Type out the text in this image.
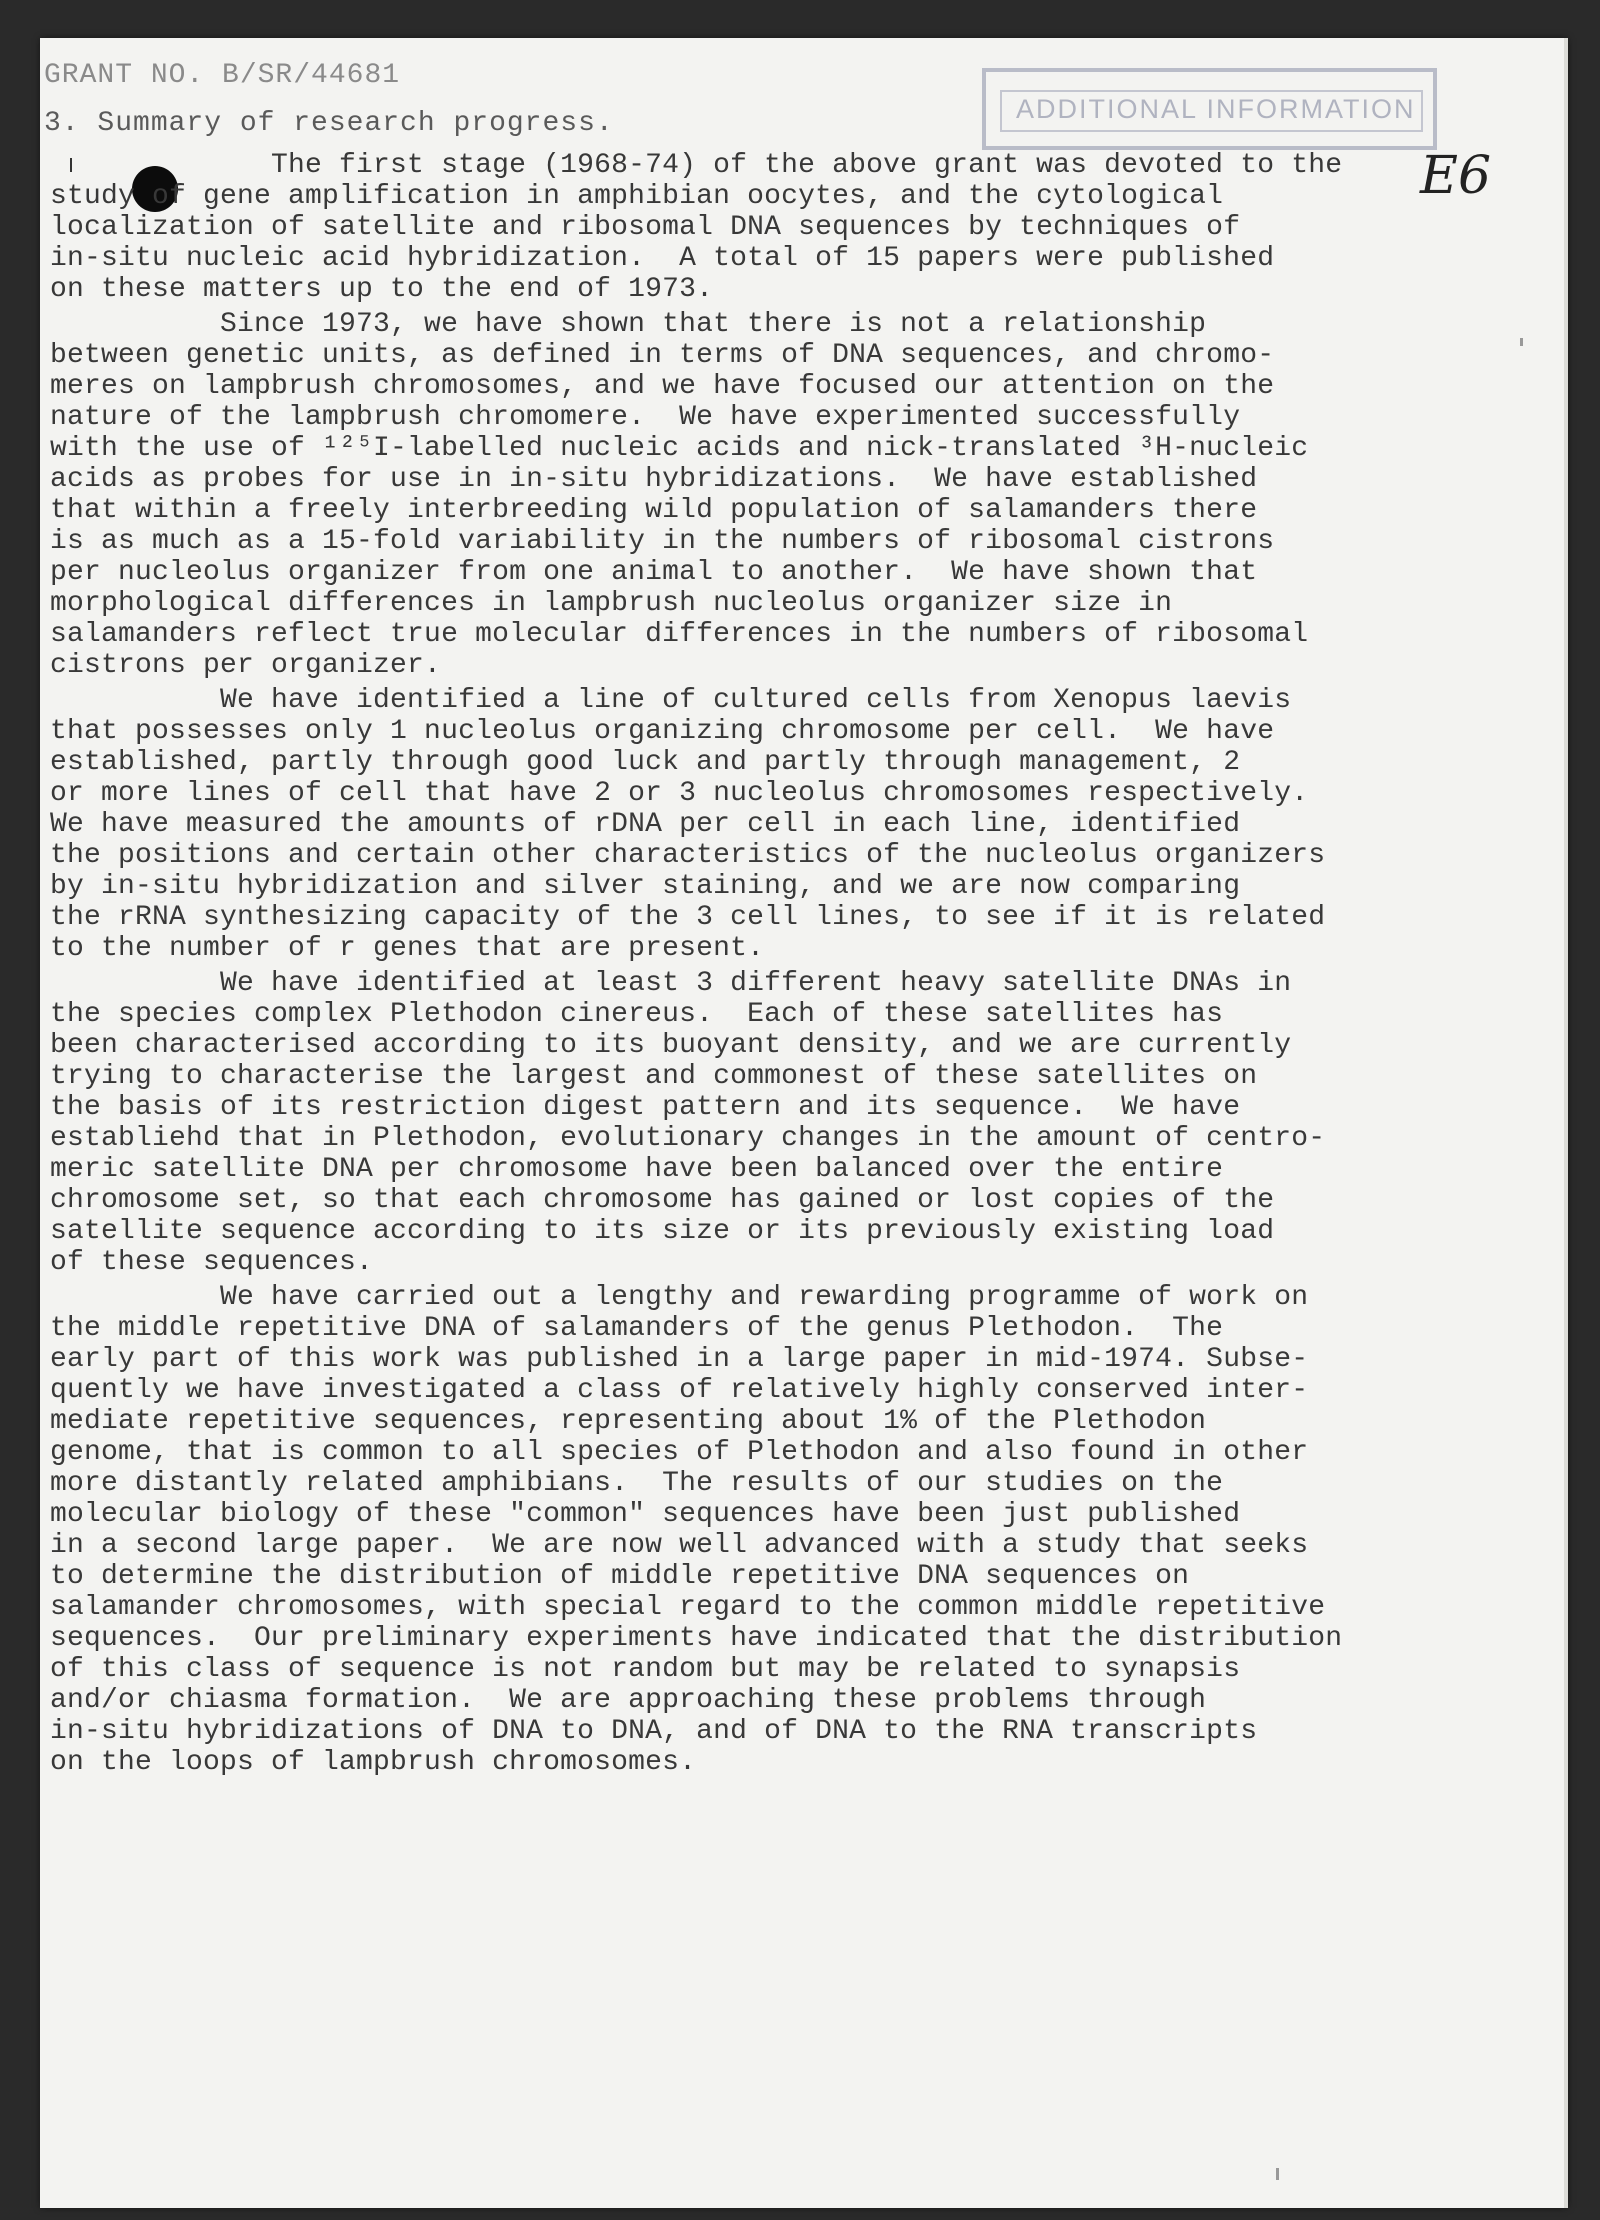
GRANT NO. B/SR/44681
3. Summary of research progress.	ADDITIONAL INFORMATION
E6
The first stage (1968-74) of the above grant was devoted to the
study of gene amplification in amphibian oocytes, and the cytological
localization of satellite and ribosomal DNA sequences by techniques of
in-situ nucleic acid hybridization.  A total of 15 papers were published
on these matters up to the end of 1973.
Since 1973, we have shown that there is not a relationship
between genetic units, as defined in terms of DNA sequences, and chromo-
meres on lampbrush chromosomes, and we have focused our attention on the
nature of the lampbrush chromomere.  We have experimented successfully
with the use of ¹²⁵I-labelled nucleic acids and nick-translated ³H-nucleic
acids as probes for use in in-situ hybridizations.  We have established
that within a freely interbreeding wild population of salamanders there
is as much as a 15-fold variability in the numbers of ribosomal cistrons
per nucleolus organizer from one animal to another.  We have shown that
morphological differences in lampbrush nucleolus organizer size in
salamanders reflect true molecular differences in the numbers of ribosomal
cistrons per organizer.
We have identified a line of cultured cells from Xenopus laevis
that possesses only 1 nucleolus organizing chromosome per cell.  We have
established, partly through good luck and partly through management, 2
or more lines of cell that have 2 or 3 nucleolus chromosomes respectively.
We have measured the amounts of rDNA per cell in each line, identified
the positions and certain other characteristics of the nucleolus organizers
by in-situ hybridization and silver staining, and we are now comparing
the rRNA synthesizing capacity of the 3 cell lines, to see if it is related
to the number of r genes that are present.
We have identified at least 3 different heavy satellite DNAs in
the species complex Plethodon cinereus.  Each of these satellites has
been characterised according to its buoyant density, and we are currently
trying to characterise the largest and commonest of these satellites on
the basis of its restriction digest pattern and its sequence.  We have
establiehd that in Plethodon, evolutionary changes in the amount of centro-
meric satellite DNA per chromosome have been balanced over the entire
chromosome set, so that each chromosome has gained or lost copies of the
satellite sequence according to its size or its previously existing load
of these sequences.
We have carried out a lengthy and rewarding programme of work on
the middle repetitive DNA of salamanders of the genus Plethodon.  The
early part of this work was published in a large paper in mid-1974. Subse-
quently we have investigated a class of relatively highly conserved inter-
mediate repetitive sequences, representing about 1% of the Plethodon
genome, that is common to all species of Plethodon and also found in other
more distantly related amphibians.  The results of our studies on the
molecular biology of these "common" sequences have been just published
in a second large paper.  We are now well advanced with a study that seeks
to determine the distribution of middle repetitive DNA sequences on
salamander chromosomes, with special regard to the common middle repetitive
sequences.  Our preliminary experiments have indicated that the distribution
of this class of sequence is not random but may be related to synapsis
and/or chiasma formation.  We are approaching these problems through
in-situ hybridizations of DNA to DNA, and of DNA to the RNA transcripts
on the loops of lampbrush chromosomes.
